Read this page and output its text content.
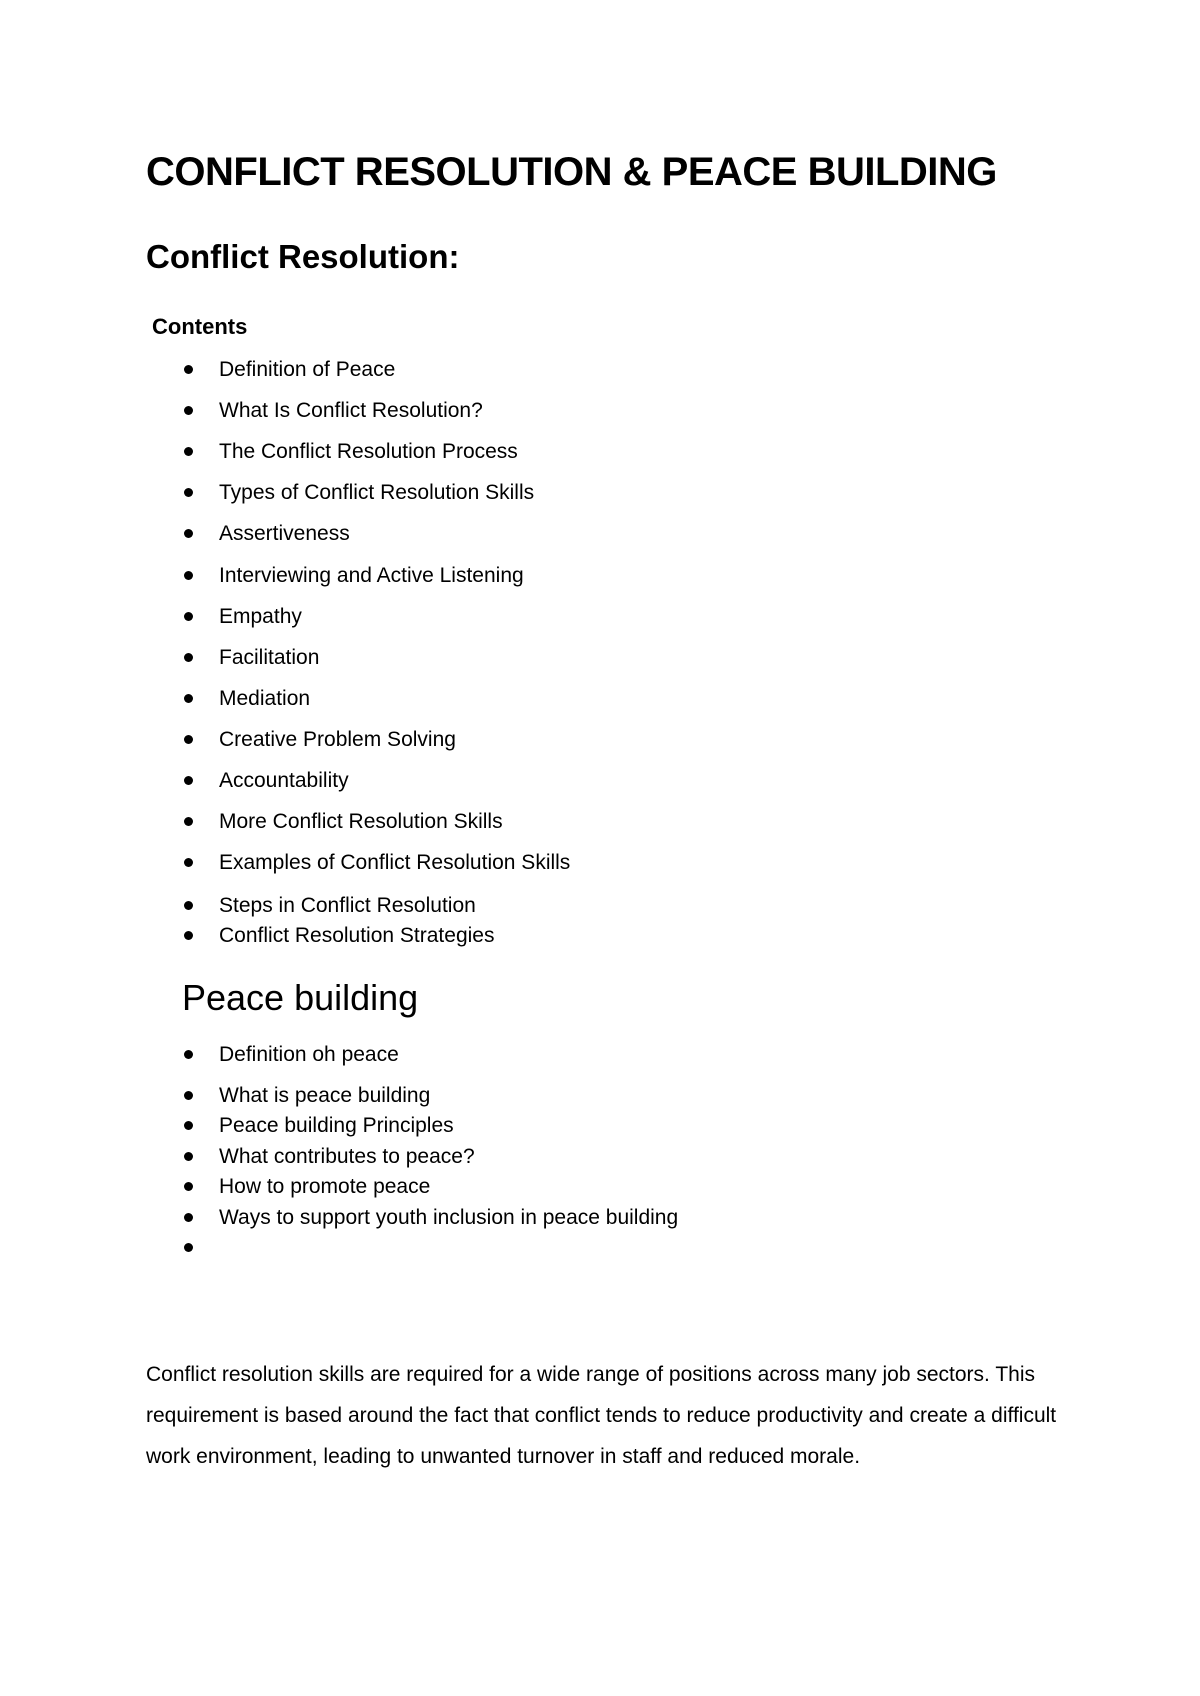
CONFLICT RESOLUTION & PEACE BUILDING
Conflict Resolution:
Contents
Definition of Peace
What Is Conflict Resolution?
The Conflict Resolution Process
Types of Conflict Resolution Skills
Assertiveness
Interviewing and Active Listening
Empathy
Facilitation
Mediation
Creative Problem Solving
Accountability
More Conflict Resolution Skills
Examples of Conflict Resolution Skills
Steps in Conflict Resolution
Conflict Resolution Strategies
Peace building
Definition oh peace
What is peace building
Peace building Principles
What contributes to peace?
How to promote peace
Ways to support youth inclusion in peace building

Conflict resolution skills are required for a wide range of positions across many job sectors. This requirement is based around the fact that conflict tends to reduce productivity and create a difficult work environment, leading to unwanted turnover in staff and reduced morale.
